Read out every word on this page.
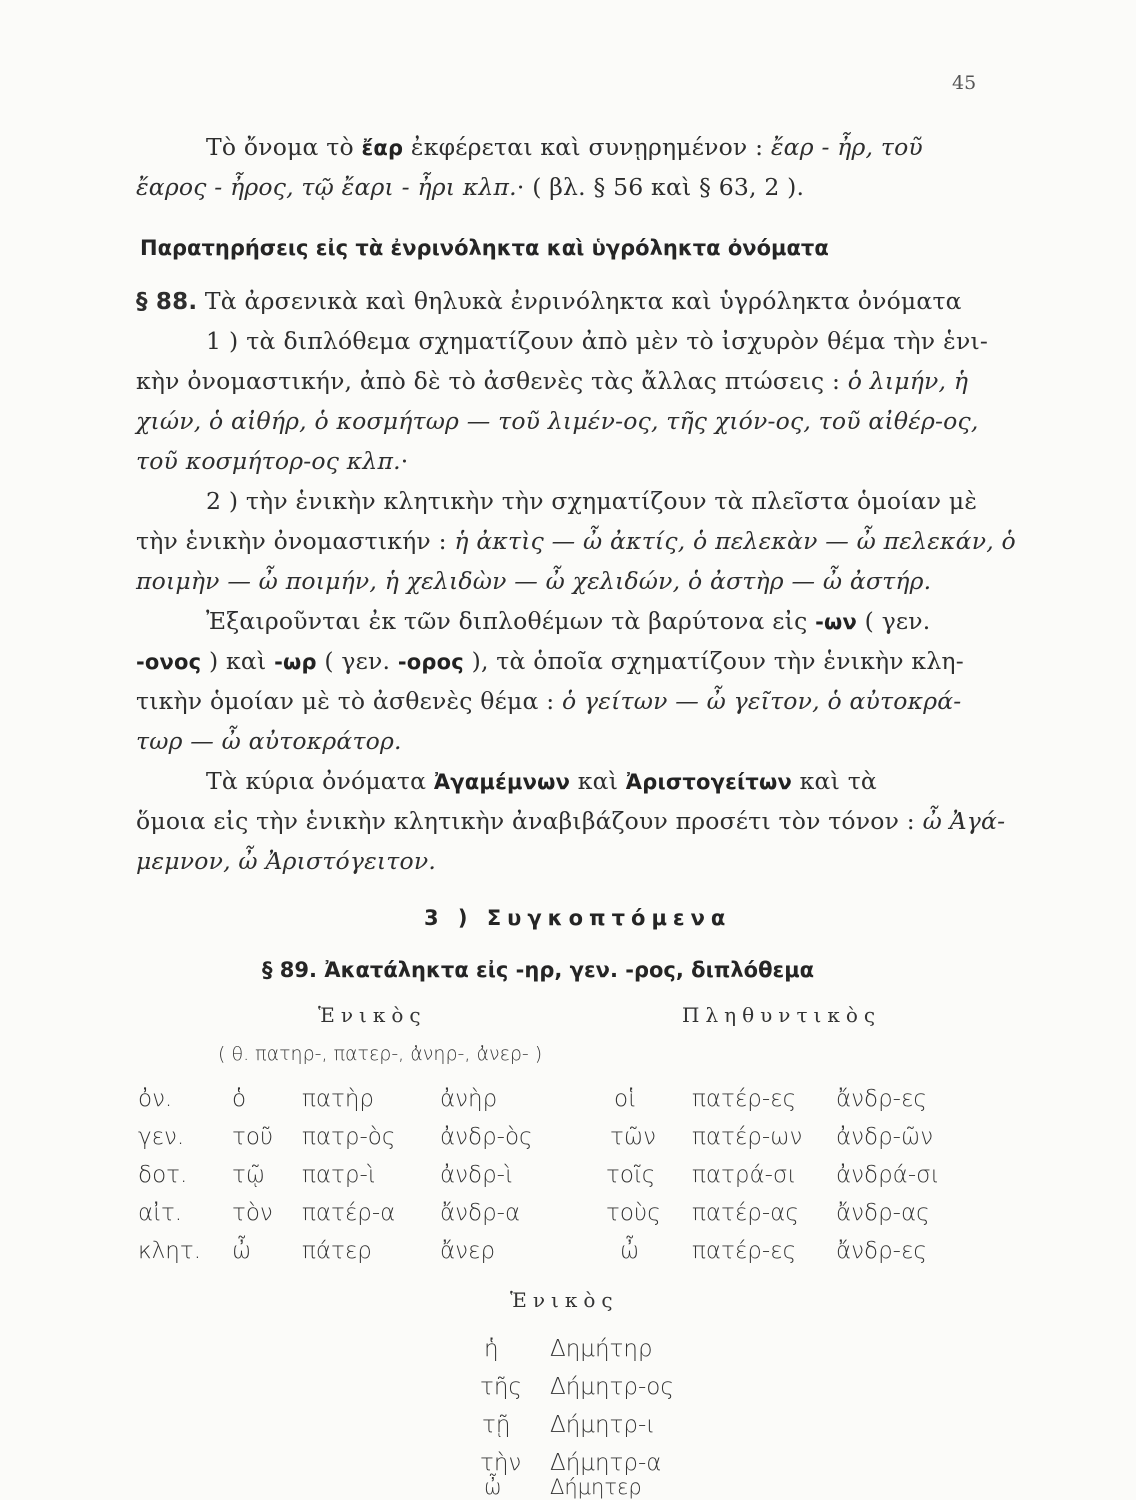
45
Τὸ ὄνομα τὸ ἔαρ ἐκφέρεται καὶ συνῃρημένον : ἔαρ - ἦρ, τοῦ
ἔαρος - ἦρος, τῷ ἔαρι - ἦρι κλπ.· ( βλ. § 56 καὶ § 63, 2 ).
Παρατηρήσεις εἰς τὰ ἐνρινόληκτα καὶ ὑγρόληκτα ὀνόματα
§ 88. Τὰ ἀρσενικὰ καὶ θηλυκὰ ἐνρινόληκτα καὶ ὑγρόληκτα ὀνόματα
1 ) τὰ διπλόθεμα σχηματίζουν ἀπὸ μὲν τὸ ἰσχυρὸν θέμα τὴν ἑνι-
κὴν ὀνομαστικήν, ἀπὸ δὲ τὸ ἀσθενὲς τὰς ἄλλας πτώσεις : ὁ λιμήν, ἡ
χιών, ὁ αἰθήρ, ὁ κοσμήτωρ — τοῦ λιμέν-ος, τῆς χιόν-ος, τοῦ αἰθέρ-ος,
τοῦ κοσμήτορ-ος κλπ.·
2 ) τὴν ἑνικὴν κλητικὴν τὴν σχηματίζουν τὰ πλεῖστα ὁμοίαν μὲ
τὴν ἑνικὴν ὀνομαστικήν : ἡ ἀκτὶς — ὦ ἀκτίς, ὁ πελεκὰν — ὦ πελεκάν, ὁ
ποιμὴν — ὦ ποιμήν, ἡ χελιδὼν — ὦ χελιδών, ὁ ἀστὴρ — ὦ ἀστήρ.
Ἐξαιροῦνται ἐκ τῶν διπλοθέμων τὰ βαρύτονα εἰς -ων ( γεν.
-ονος ) καὶ -ωρ ( γεν. -ορος ), τὰ ὁποῖα σχηματίζουν τὴν ἑνικὴν κλη-
τικὴν ὁμοίαν μὲ τὸ ἀσθενὲς θέμα : ὁ γείτων — ὦ γεῖτον, ὁ αὐτοκρά-
τωρ — ὦ αὐτοκράτορ.
Τὰ κύρια ὀνόματα Ἀγαμέμνων καὶ Ἀριστογείτων καὶ τὰ
ὅμοια εἰς τὴν ἑνικὴν κλητικὴν ἀναβιβάζουν προσέτι τὸν τόνον : ὦ Ἀγά-
μεμνον, ὦ Ἀριστόγειτον.
3 ) Συγκοπτόμενα
§ 89. Ἀκατάληκτα εἰς -ηρ, γεν. -ρος, διπλόθεμα
Ἑνικὸς	Πληθυντικὸς
( θ. πατηρ-, πατερ-, ἀνηρ-, ἀνερ- )
ὀν.	ὁ πατὴρ	ἀνὴρ	οἱ πατέρ-ες ἄνδρ-ες
γεν. τοῦ πατρ-ὸς ἀνδρ-ὸς	τῶν πατέρ-ων ἀνδρ-ῶν
δοτ. τῷ πατρ-ὶ	ἀνδρ-ὶ	τοῖς πατρά-σι ἀνδρά-σι
αἰτ. τὸν πατέρ-α ἄνδρ-α	τοὺς πατέρ-ας ἄνδρ-ας
κλητ. ὦ πάτερ	ἄνερ	ὦ πατέρ-ες ἄνδρ-ες
Ἑνικὸς
ἡ Δημήτηρ
τῆς Δήμητρ-ος
τῇ Δήμητρ-ι
τὴν Δήμητρ-α
ὦ Δήμητερ
